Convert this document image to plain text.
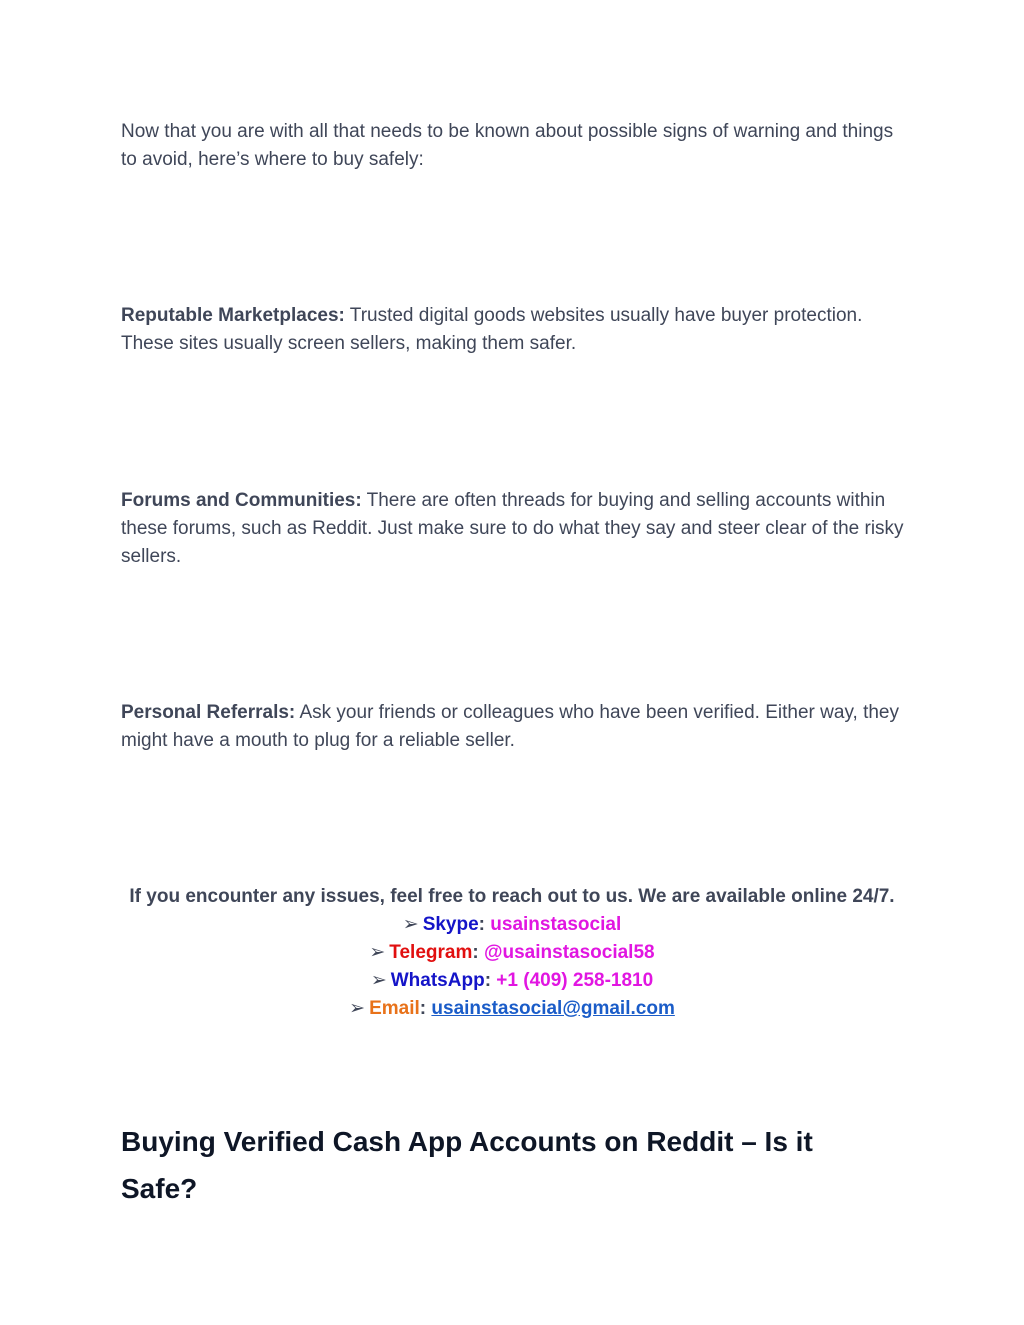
Now that you are with all that needs to be known about possible signs of warning and things to avoid, here’s where to buy safely:

Reputable Marketplaces: Trusted digital goods websites usually have buyer protection. These sites usually screen sellers, making them safer.

Forums and Communities: There are often threads for buying and selling accounts within these forums, such as Reddit. Just make sure to do what they say and steer clear of the risky sellers.

Personal Referrals: Ask your friends or colleagues who have been verified. Either way, they might have a mouth to plug for a reliable seller.

If you encounter any issues, feel free to reach out to us. We are available online 24/7.
➢ Skype: usainstasocial
➢ Telegram: @usainstasocial58
➢ WhatsApp: +1 (409) 258-1810
➢ Email: usainstasocial@gmail.com
Buying Verified Cash App Accounts on Reddit – Is it Safe?
